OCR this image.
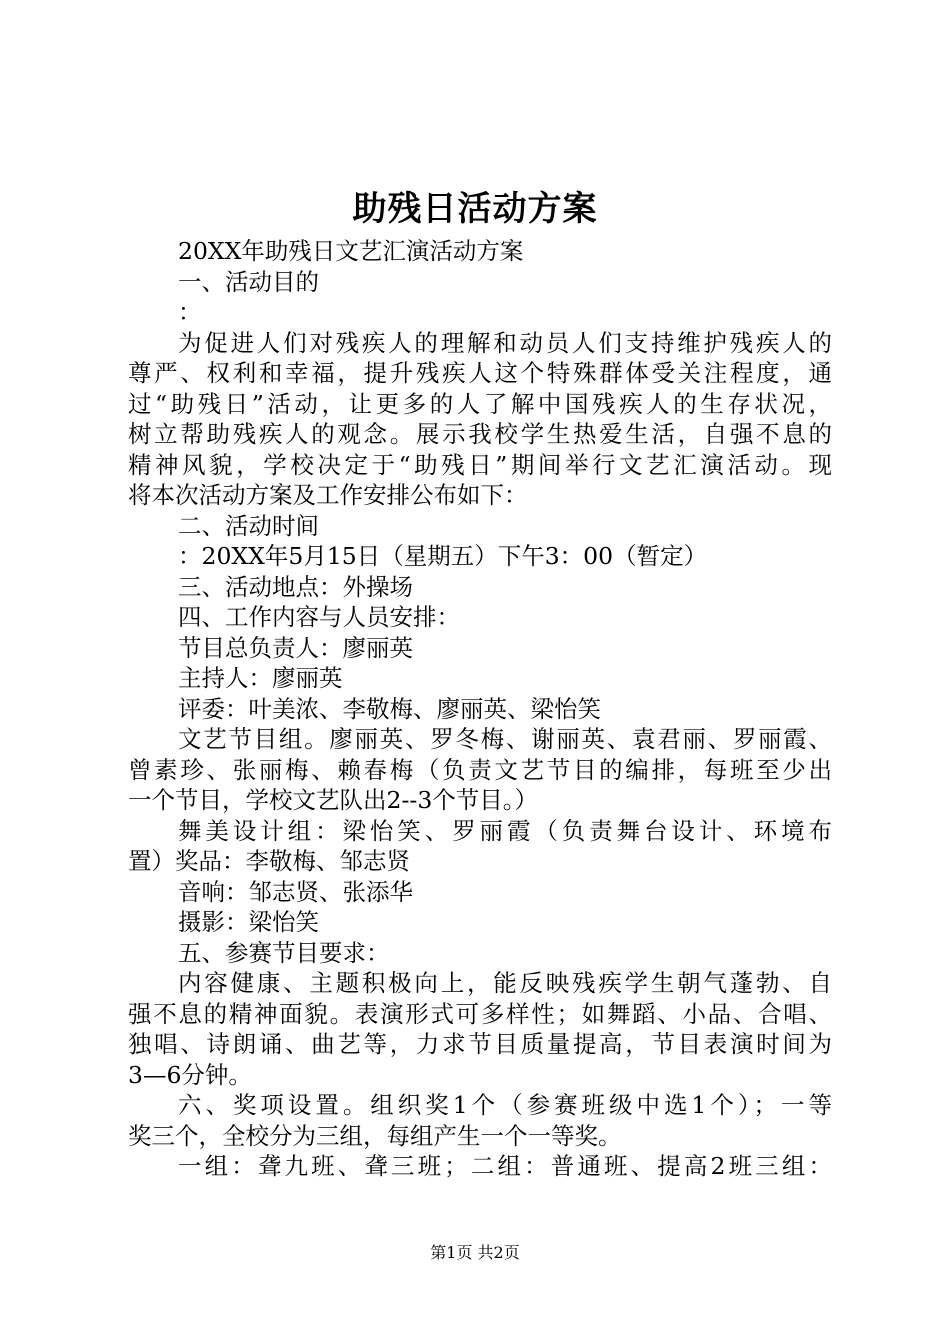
助残日活动方案
20XX年助残日文艺汇演活动方案
一、活动目的
：
为促进人们对残疾人的理解和动员人们支持维护残疾人的
尊严、权利和幸福，提升残疾人这个特殊群体受关注程度，通
过“助残日”活动，让更多的人了解中国残疾人的生存状况，
树立帮助残疾人的观念。展示我校学生热爱生活，自强不息的
精神风貌，学校决定于“助残日”期间举行文艺汇演活动。现
将本次活动方案及工作安排公布如下：
二、活动时间
：20XX年5月15日（星期五）下午3：00（暂定）
三、活动地点：外操场
四、工作内容与人员安排：
节目总负责人：廖丽英
主持人：廖丽英
评委：叶美浓、李敬梅、廖丽英、梁怡笑
文艺节目组。廖丽英、罗冬梅、谢丽英、袁君丽、罗丽霞、
曾素珍、张丽梅、赖春梅（负责文艺节目的编排，每班至少出
一个节目，学校文艺队出2--3个节目。）
舞美设计组：梁怡笑、罗丽霞（负责舞台设计、环境布
置）奖品：李敬梅、邹志贤
音响：邹志贤、张添华
摄影：梁怡笑
五、参赛节目要求：
内容健康、主题积极向上，能反映残疾学生朝气蓬勃、自
强不息的精神面貌。表演形式可多样性；如舞蹈、小品、合唱、
独唱、诗朗诵、曲艺等，力求节目质量提高，节目表演时间为
3—6分钟。
六、奖项设置。组织奖1个（参赛班级中选1个）；一等
奖三个，全校分为三组，每组产生一个一等奖。
一组：聋九班、聋三班；二组：普通班、提高2班三组：
第1页 共2页
